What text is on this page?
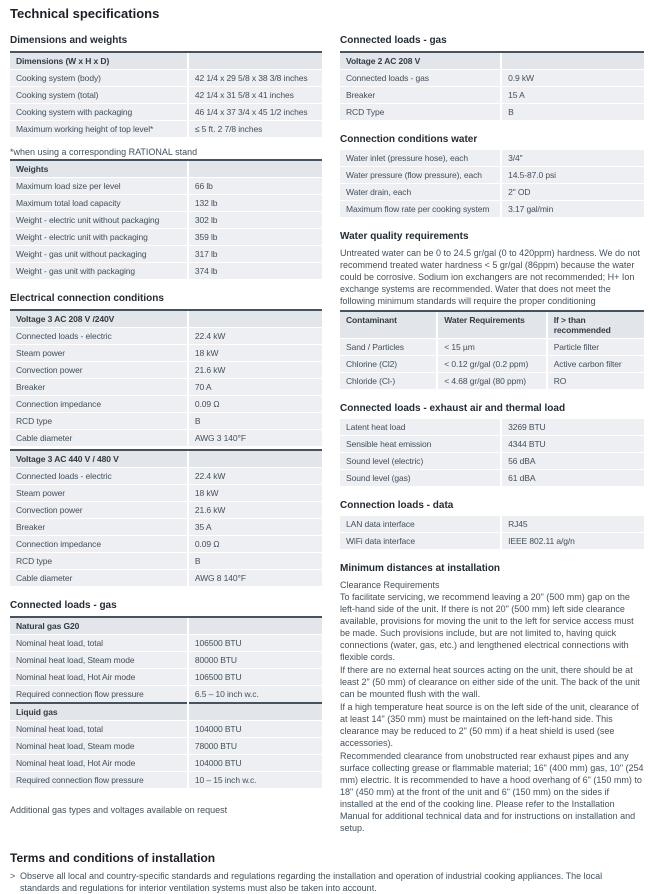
Technical specifications
Dimensions and weights
Dimensions (W x H x D)	
Cooking system (body)	42 1/4 x 29 5/8 x 38 3/8 inches
Cooking system (total)	42 1/4 x 31 5/8 x 41 inches
Cooking system with packaging	46 1/4 x 37 3/4 x 45 1/2 inches
Maximum working height of top level*	≤ 5 ft. 2 7/8 inches

*when using a corresponding RATIONAL stand

Weights	
Maximum load size per level	66 lb
Maximum total load capacity	132 lb
Weight - electric unit without packaging	302 lb
Weight - electric unit with packaging	359 lb
Weight - gas unit without packaging	317 lb
Weight - gas unit with packaging	374 lb
Electrical connection conditions
Voltage 3 AC 208 V /240V	
Connected loads - electric	22.4 kW
Steam power	18 kW
Convection power	21.6 kW
Breaker	70 A
Connection impedance	0.09 Ω
RCD type	B
Cable diameter	AWG 3 140°F
Voltage 3 AC 440 V / 480 V	
Connected loads - electric	22.4 kW
Steam power	18 kW
Convection power	21.6 kW
Breaker	35 A
Connection impedance	0.09 Ω
RCD type	B
Cable diameter	AWG 8 140°F
Connected loads - gas
Natural gas G20	
Nominal heat load, total	106500 BTU
Nominal heat load, Steam mode	80000 BTU
Nominal heat load, Hot Air mode	106500 BTU
Required connection flow pressure	6.5 – 10 inch w.c.
Liquid gas	
Nominal heat load, total	104000 BTU
Nominal heat load, Steam mode	78000 BTU
Nominal heat load, Hot Air mode	104000 BTU
Required connection flow pressure	10 – 15 inch w.c.

Additional gas types and voltages available on request

Connected loads - gas
Voltage 2 AC 208 V	
Connected loads - gas	0.9 kW
Breaker	15 A
RCD Type	B
Connection conditions water
Water inlet (pressure hose), each	3/4"
Water pressure (flow pressure), each	14.5-87.0 psi
Water drain, each	2" OD
Maximum flow rate per cooking system	3.17 gal/min
Water quality requirements

Untreated water can be 0 to 24.5 gr/gal (0 to 420ppm) hardness. We do not recommend treated water hardness < 5 gr/gal (86ppm) because the water could be corrosive. Sodium ion exchangers are not recommended; H+ Ion exchange systems are recommended. Water that does not meet the following minimum standards will require the proper conditioning

Contaminant	Water Requirements	If > than recommended
Sand / Particles	< 15 µm	Particle filter
Chlorine (Cl2)	< 0.12 gr/gal (0.2 ppm)	Active carbon filter
Chloride (Cl-)	< 4.68 gr/gal (80 ppm)	RO
Connected loads - exhaust air and thermal load
Latent heat load	3269 BTU
Sensible heat emission	4344 BTU
Sound level (electric)	56 dBA
Sound level (gas)	61 dBA
Connection loads - data
LAN data interface	RJ45
WiFi data interface	IEEE 802.11 a/g/n
Minimum distances at installation

Clearance Requirements

To facilitate servicing, we recommend leaving a 20" (500 mm) gap on the left-hand side of the unit. If there is not 20" (500 mm) left side clearance available, provisions for moving the unit to the left for service access must be made. Such provisions include, but are not limited to, having quick connections (water, gas, etc.) and lengthened electrical connections with flexible cords.

If there are no external heat sources acting on the unit, there should be at least 2" (50 mm) of clearance on either side of the unit. The back of the unit can be mounted flush with the wall.

If a high temperature heat source is on the left side of the unit, clearance of at least 14" (350 mm) must be maintained on the left-hand side. This clearance may be reduced to 2" (50 mm) if a heat shield is used (see accessories).

Recommended clearance from unobstructed rear exhaust pipes and any surface collecting grease or flammable material; 16" (400 mm) gas, 10" (254 mm) electric. It is recommended to have a hood overhang of 6" (150 mm) to 18" (450 mm) at the front of the unit and 6" (150 mm) on the sides if installed at the end of the cooking line. Please refer to the Installation Manual for additional technical data and for instructions on installation and setup.

Terms and conditions of installation
> Observe all local and country-specific standards and regulations regarding the installation and operation of industrial cooking appliances. The local standards and regulations for interior ventilation systems must also be taken into account.
